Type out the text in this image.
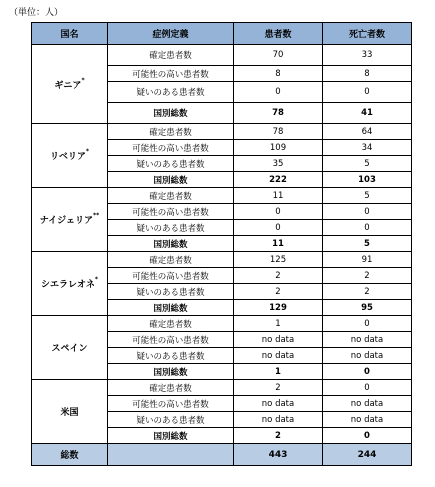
（単位：人）
国名	症例定義	患者数	死亡者数
ギニア*	確定患者数	70	33
	可能性の高い患者数	8	8
	疑いのある患者数	0	0
	国別総数	78	41
リベリア*	確定患者数	78	64
	可能性の高い患者数	109	34
	疑いのある患者数	35	5
	国別総数	222	103
ナイジェリア**	確定患者数	11	5
	可能性の高い患者数	0	0
	疑いのある患者数	0	0
	国別総数	11	5
シエラレオネ*	確定患者数	125	91
	可能性の高い患者数	2	2
	疑いのある患者数	2	2
	国別総数	129	95
スペイン	確定患者数	1	0
	可能性の高い患者数	no data	no data
	疑いのある患者数	no data	no data
	国別総数	1	0
米国	確定患者数	2	0
	可能性の高い患者数	no data	no data
	疑いのある患者数	no data	no data
	国別総数	2	0
総数		443	244
